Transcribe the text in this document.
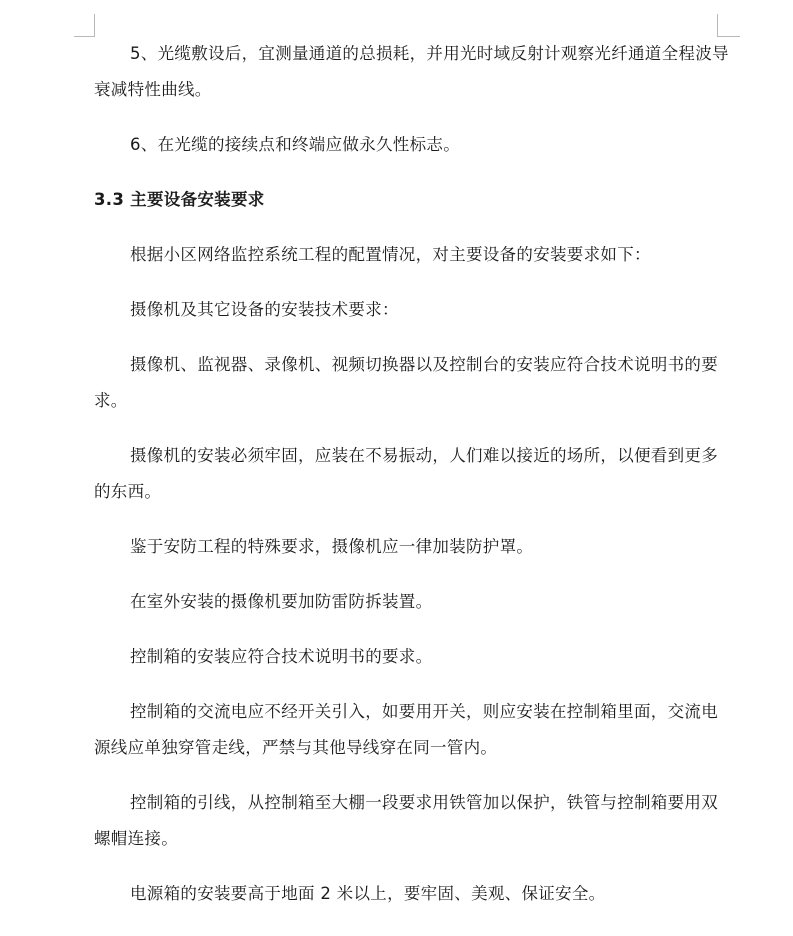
5、光缆敷设后，宜测量通道的总损耗，并用光时域反射计观察光纤通道全程波导衰减特性曲线。

6、在光缆的接续点和终端应做永久性标志。

3.3 主要设备安装要求

根据小区网络监控系统工程的配置情况，对主要设备的安装要求如下：

摄像机及其它设备的安装技术要求：

摄像机、监视器、录像机、视频切换器以及控制台的安装应符合技术说明书的要求。

摄像机的安装必须牢固，应装在不易振动，人们难以接近的场所，以便看到更多的东西。

鉴于安防工程的特殊要求，摄像机应一律加装防护罩。

在室外安装的摄像机要加防雷防拆装置。

控制箱的安装应符合技术说明书的要求。

控制箱的交流电应不经开关引入，如要用开关，则应安装在控制箱里面，交流电源线应单独穿管走线，严禁与其他导线穿在同一管内。

控制箱的引线，从控制箱至大棚一段要求用铁管加以保护，铁管与控制箱要用双螺帽连接。

电源箱的安装要高于地面 2 米以上，要牢固、美观、保证安全。
